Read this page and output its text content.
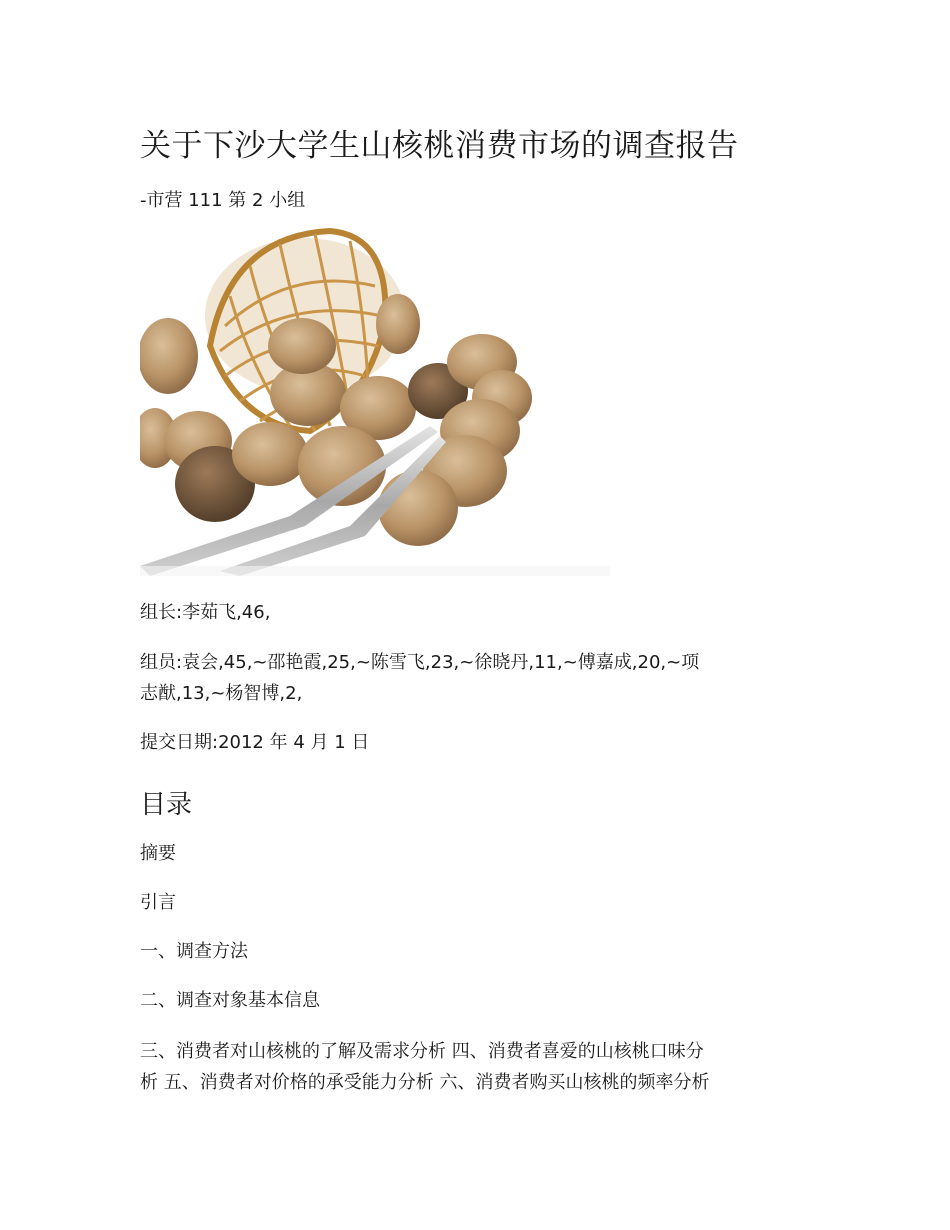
关于下沙大学生山核桃消费市场的调查报告

-市营 111 第 2 小组

组长:李茹飞,46,

组员:袁会,45,~邵艳霞,25,~陈雪飞,23,~徐晓丹,11,~傅嘉成,20,~项

志猷,13,~杨智博,2,

提交日期:2012 年 4 月 1 日

目录

摘要

引言

一、调查方法

二、调查对象基本信息

三、消费者对山核桃的了解及需求分析 四、消费者喜爱的山核桃口味分

析 五、消费者对价格的承受能力分析 六、消费者购买山核桃的频率分析
